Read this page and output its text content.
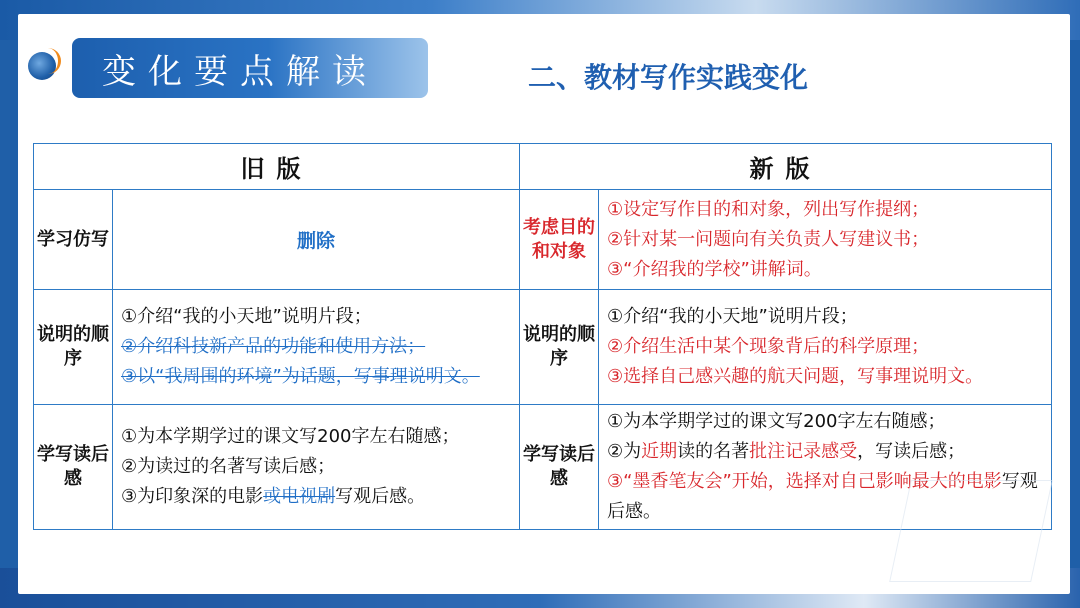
变化要点解读	二、教材写作实践变化
旧版		新版	
学习仿写	删除	考虑目的和对象	①设定写作目的和对象，列出写作提纲；
②针对某一问题向有关负责人写建议书；
③“介绍我的学校”讲解词。

说明的顺序	①介绍“我的小天地”说明片段；
②介绍科技新产品的功能和使用方法；
③以“我周围的环境”为话题，写事理说明文。	说明的顺序	①介绍“我的小天地”说明片段；
②介绍生活中某个现象背后的科学原理；
③选择自己感兴趣的航天问题，写事理说明文。

学写读后感	①为本学期学过的课文写200字左右随感；
②为读过的名著写读后感；
③为印象深的电影或电视剧写观后感。	学写读后感	①为本学期学过的课文写200字左右随感；
②为近期读的名著批注记录感受，写读后感；
③“墨香笔友会”开始，选择对自己影响最大的电影写观后感。
